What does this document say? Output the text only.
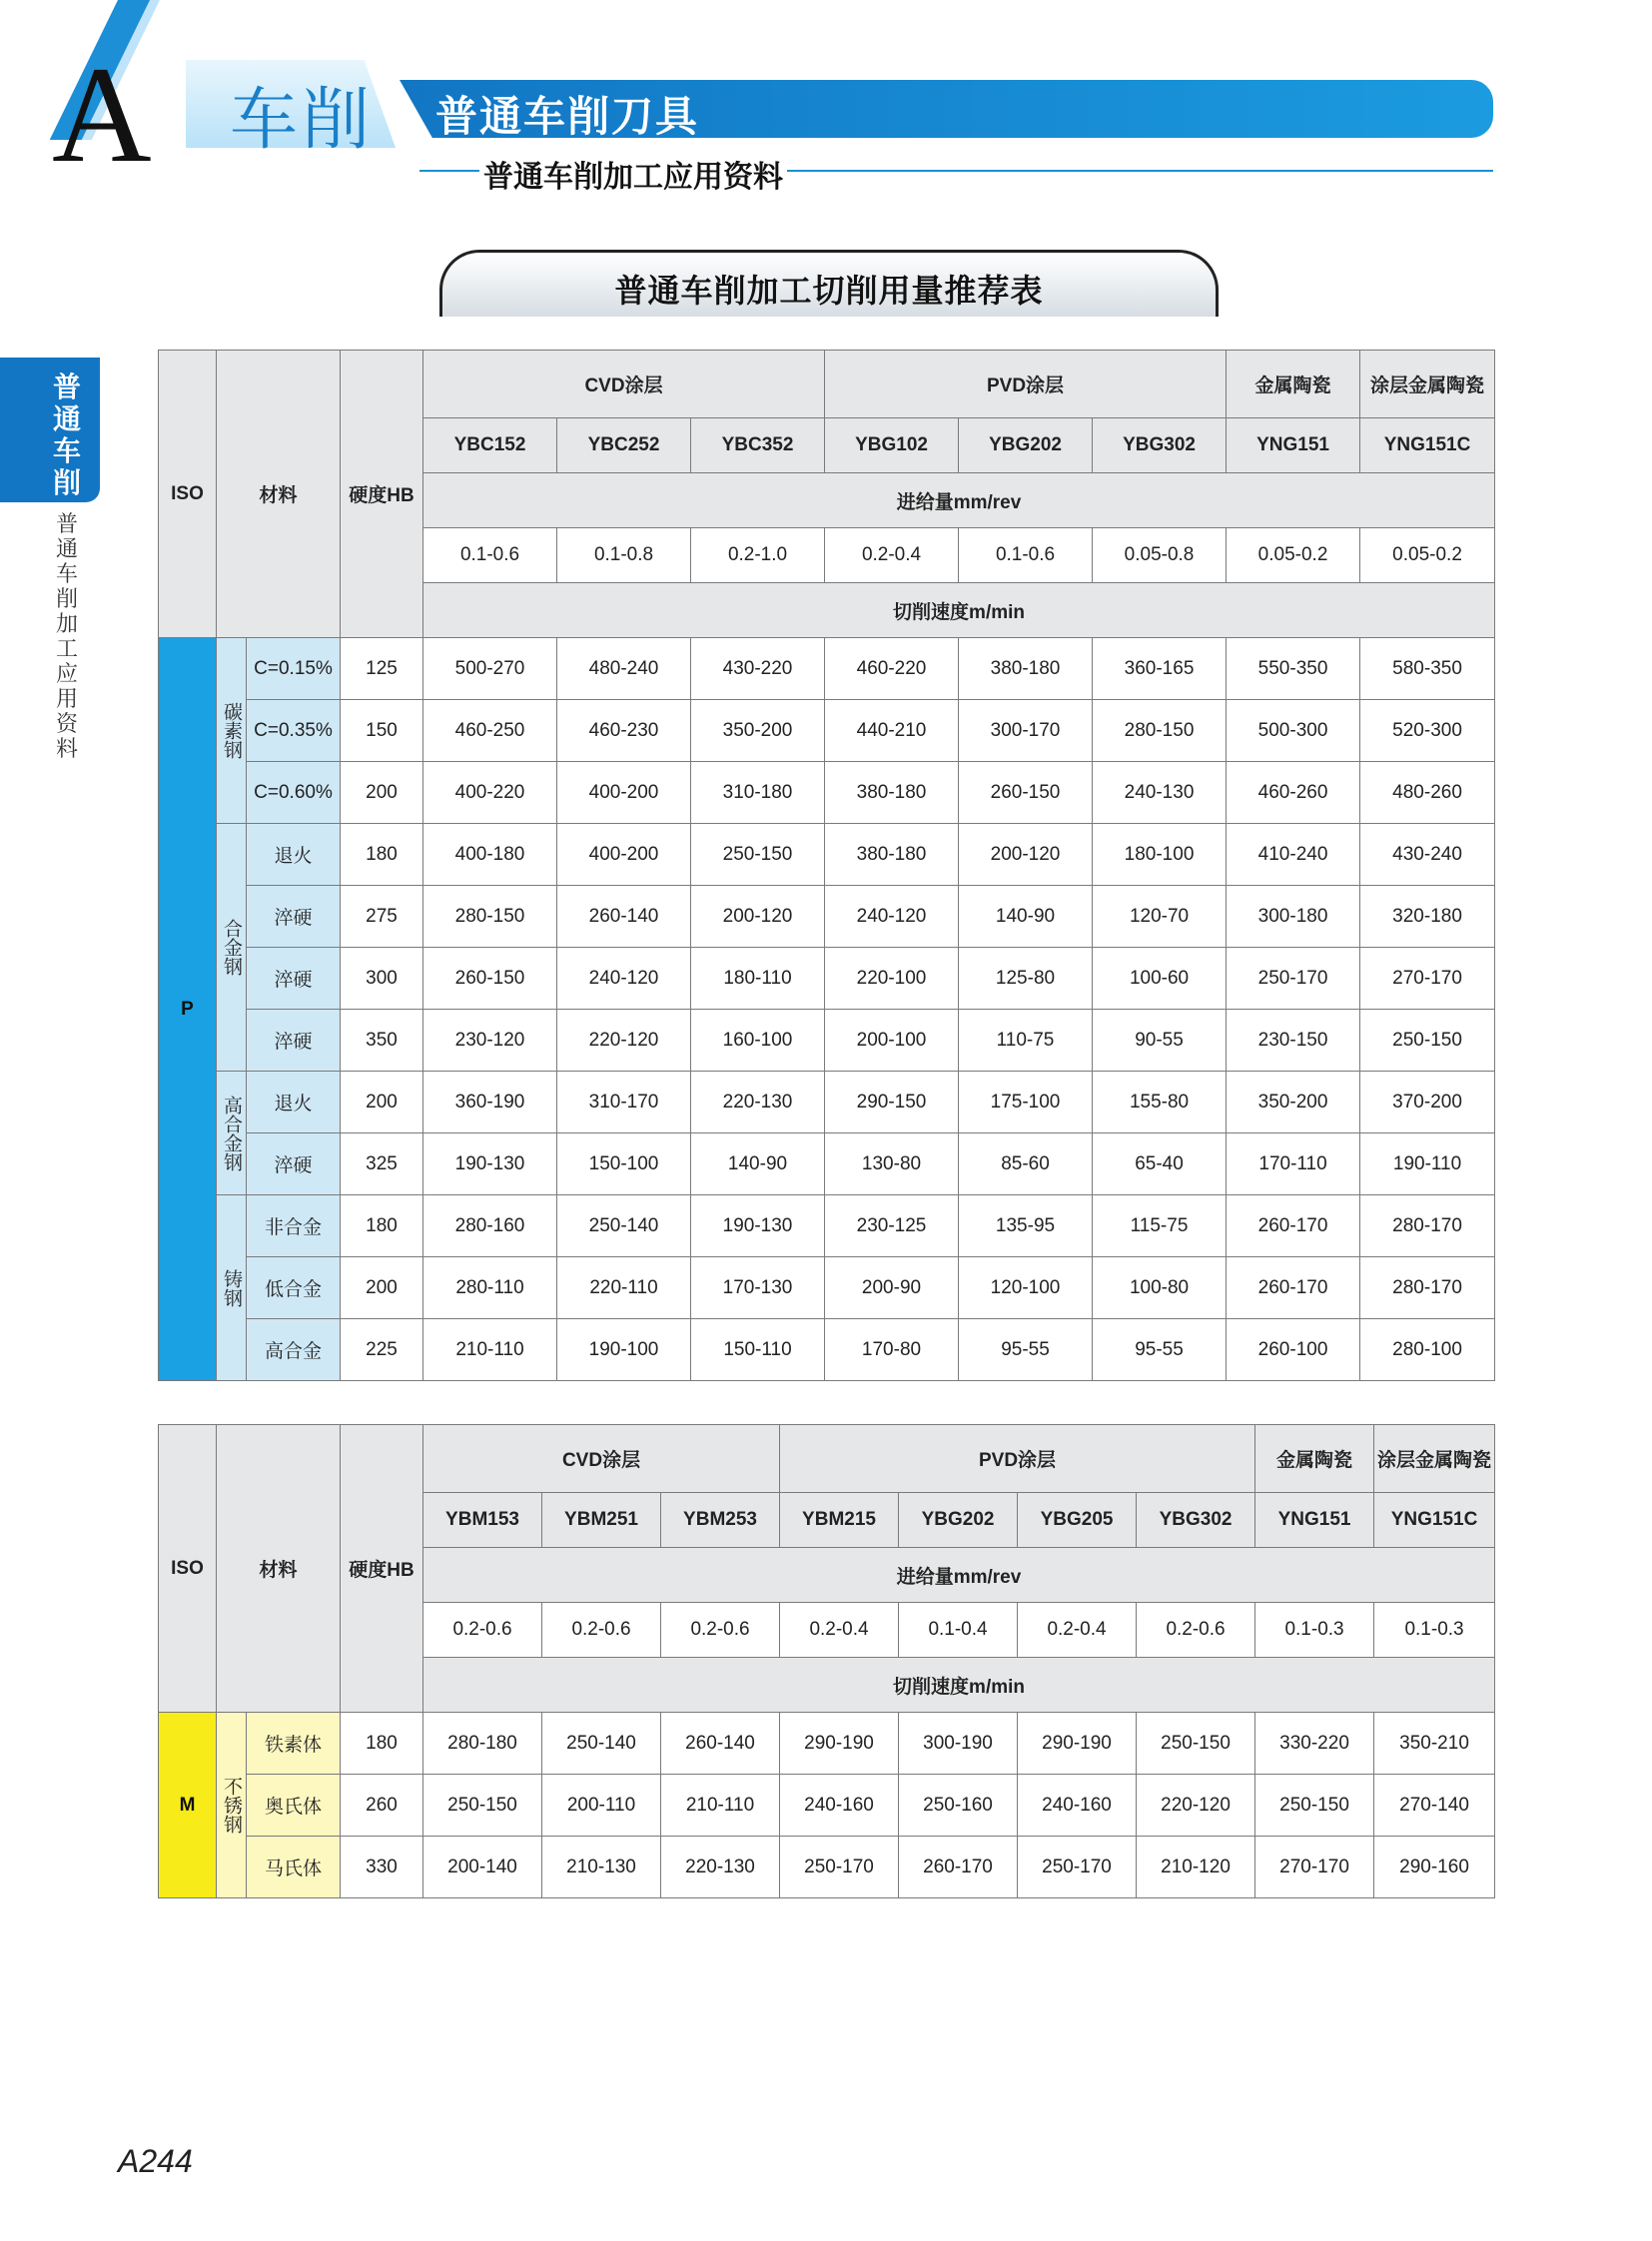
A 车削 普通车削刀具
普通车削加工应用资料
普通车削
普通车削加工应用资料
普通车削加工切削用量推荐表
ISO	材料		硬度HB	CVD涂层			PVD涂层			金属陶瓷	涂层金属陶瓷
				YBC152	YBC252	YBC352	YBG102	YBG202	YBG302	YNG151	YNG151C
				进给量mm/rev							
				0.1-0.6	0.1-0.8	0.2-1.0	0.2-0.4	0.1-0.6	0.05-0.8	0.05-0.2	0.05-0.2
				切削速度m/min							
P	碳素钢	C=0.15%	125	500-270	480-240	430-220	460-220	380-180	360-165	550-350	580-350
		C=0.35%	150	460-250	460-230	350-200	440-210	300-170	280-150	500-300	520-300
		C=0.60%	200	400-220	400-200	310-180	380-180	260-150	240-130	460-260	480-260

	合金钢	退火	180	400-180	400-200	250-150	380-180	200-120	180-100	410-240	430-240
		淬硬	275	280-150	260-140	200-120	240-120	140-90	120-70	300-180	320-180
		淬硬	300	260-150	240-120	180-110	220-100	125-80	100-60	250-170	270-170
		淬硬	350	230-120	220-120	160-100	200-100	110-75	90-55	230-150	250-150

	高合金钢	退火	200	360-190	310-170	220-130	290-150	175-100	155-80	350-200	370-200
		淬硬	325	190-130	150-100	140-90	130-80	85-60	65-40	170-110	190-110

	铸钢	非合金	180	280-160	250-140	190-130	230-125	135-95	115-75	260-170	280-170
		低合金	200	280-110	220-110	170-130	200-90	120-100	100-80	260-170	280-170
		高合金	225	210-110	190-100	150-110	170-80	95-55	95-55	260-100	280-100
ISO	材料		硬度HB	CVD涂层			PVD涂层				金属陶瓷	涂层金属陶瓷
				YBM153	YBM251	YBM253	YBM215	YBG202	YBG205	YBG302	YNG151	YNG151C
				进给量mm/rev								
				0.2-0.6	0.2-0.6	0.2-0.6	0.2-0.4	0.1-0.4	0.2-0.4	0.2-0.6	0.1-0.3	0.1-0.3
				切削速度m/min								
M	不锈钢	铁素体	180	280-180	250-140	260-140	290-190	300-190	290-190	250-150	330-220	350-210
		奥氏体	260	250-150	200-110	210-110	240-160	250-160	240-160	220-120	250-150	270-140
		马氏体	330	200-140	210-130	220-130	250-170	260-170	250-170	210-120	270-170	290-160
A244
